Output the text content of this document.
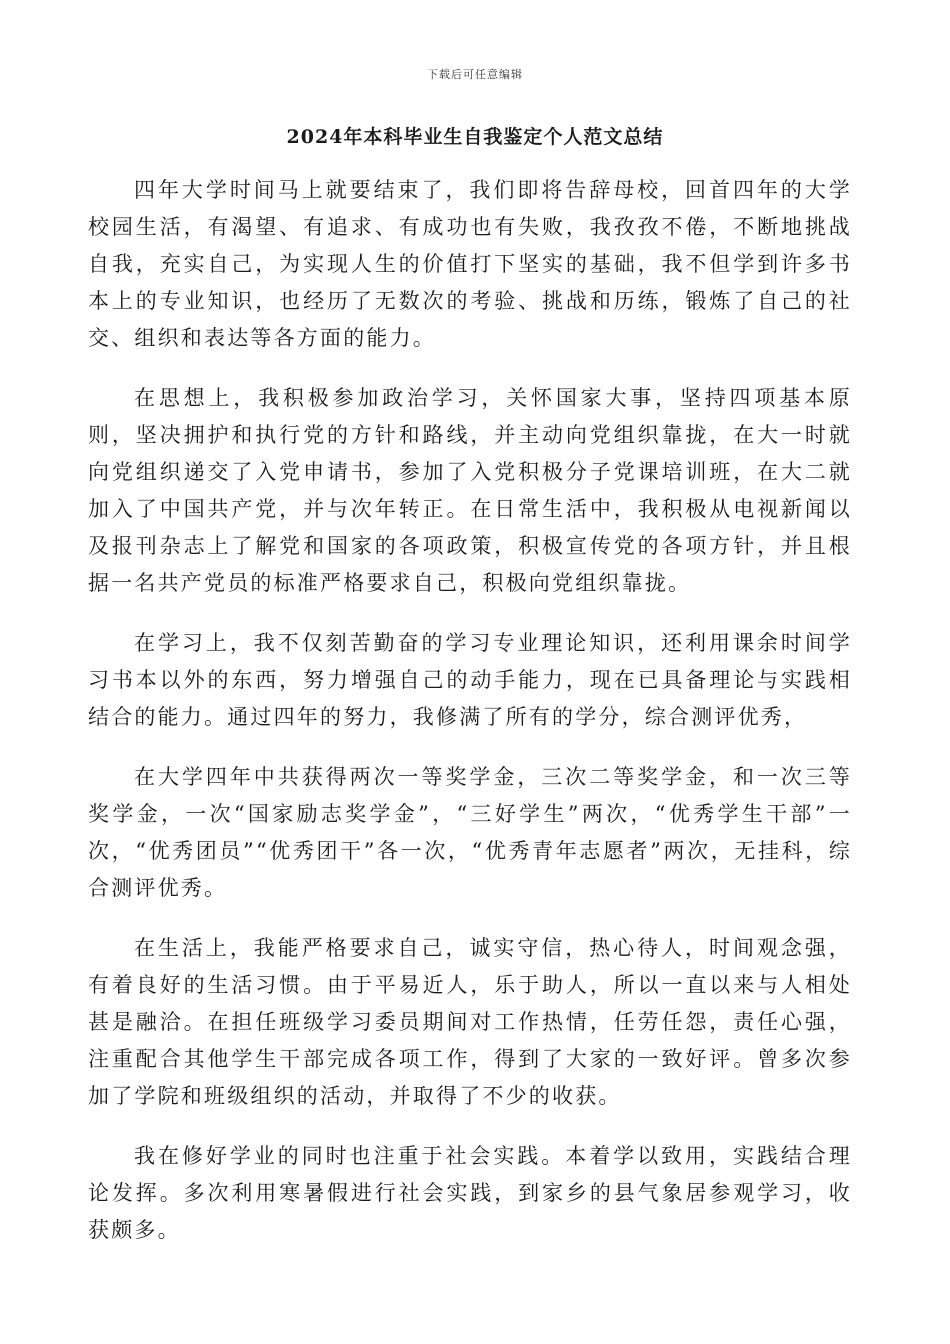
下载后可任意编辑
2024年本科毕业生自我鉴定个人范文总结

四年大学时间马上就要结束了，我们即将告辞母校，回首四年的大学校园生活，有渴望、有追求、有成功也有失败，我孜孜不倦，不断地挑战自我，充实自己，为实现人生的价值打下坚实的基础，我不但学到许多书本上的专业知识，也经历了无数次的考验、挑战和历练，锻炼了自己的社交、组织和表达等各方面的能力。

在思想上，我积极参加政治学习，关怀国家大事，坚持四项基本原则，坚决拥护和执行党的方针和路线，并主动向党组织靠拢，在大一时就向党组织递交了入党申请书，参加了入党积极分子党课培训班，在大二就加入了中国共产党，并与次年转正。在日常生活中，我积极从电视新闻以及报刊杂志上了解党和国家的各项政策，积极宣传党的各项方针，并且根据一名共产党员的标准严格要求自己，积极向党组织靠拢。

在学习上，我不仅刻苦勤奋的学习专业理论知识，还利用课余时间学习书本以外的东西，努力增强自己的动手能力，现在已具备理论与实践相结合的能力。通过四年的努力，我修满了所有的学分，综合测评优秀，

在大学四年中共获得两次一等奖学金，三次二等奖学金，和一次三等奖学金，一次“国家励志奖学金”，“三好学生”两次，“优秀学生干部”一次，“优秀团员”“优秀团干”各一次，“优秀青年志愿者”两次，无挂科，综合测评优秀。

在生活上，我能严格要求自己，诚实守信，热心待人，时间观念强，有着良好的生活习惯。由于平易近人，乐于助人，所以一直以来与人相处甚是融洽。在担任班级学习委员期间对工作热情，任劳任怨，责任心强，注重配合其他学生干部完成各项工作，得到了大家的一致好评。曾多次参加了学院和班级组织的活动，并取得了不少的收获。

我在修好学业的同时也注重于社会实践。本着学以致用，实践结合理论发挥。多次利用寒暑假进行社会实践，到家乡的县气象居参观学习，收获颇多。
